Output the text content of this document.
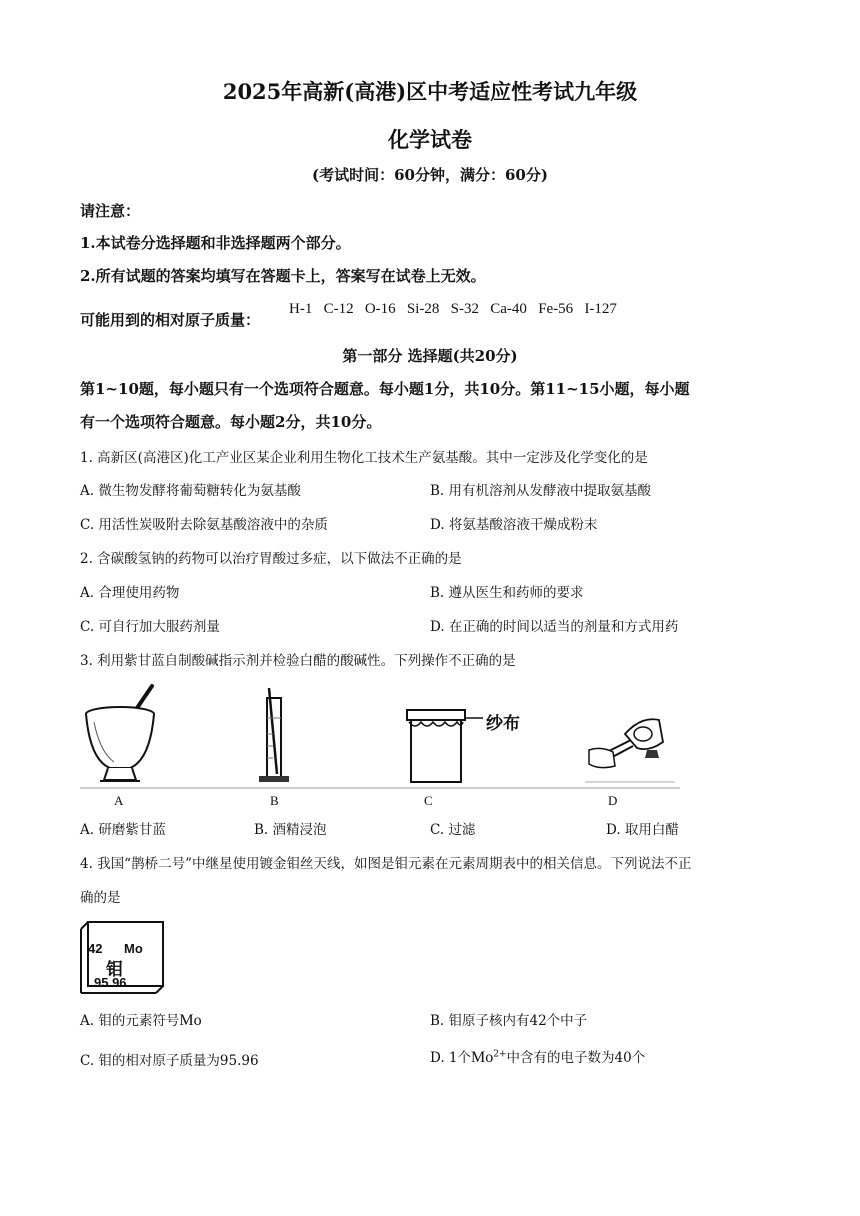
2025年高新(高港)区中考适应性考试九年级
化学试卷
(考试时间：60分钟，满分：60分)
请注意：
1.本试卷分选择题和非选择题两个部分。
2.所有试题的答案均填写在答题卡上，答案写在试卷上无效。
可能用到的相对原子质量：
H-1 C-12 O-16 Si-28 S-32 Ca-40 Fe-56 I-127
第一部分 选择题(共20分)
第1~10题，每小题只有一个选项符合题意。每小题1分，共10分。第11~15小题，每小题
有一个选项符合题意。每小题2分，共10分。
1. 高新区(高港区)化工产业区某企业利用生物化工技术生产氨基酸。其中一定涉及化学变化的是
A. 微生物发酵将葡萄糖转化为氨基酸	B. 用有机溶剂从发酵液中提取氨基酸
C. 用活性炭吸附去除氨基酸溶液中的杂质	D. 将氨基酸溶液干燥成粉末
2. 含碳酸氢钠的药物可以治疗胃酸过多症，以下做法不正确的是
A. 合理使用药物	B. 遵从医生和药师的要求
C. 可自行加大服药剂量	D. 在正确的时间以适当的剂量和方式用药
3. 利用紫甘蓝自制酸碱指示剂并检验白醋的酸碱性。下列操作不正确的是
纱布
A	B	C	D
A. 研磨紫甘蓝	B. 酒精浸泡	C. 过滤	D. 取用白醋
4. 我国“鹊桥二号”中继星使用镀金钼丝天线，如图是钼元素在元素周期表中的相关信息。下列说法不正
确的是
42 Mo
钼
95.96
A. 钼的元素符号Mo	B. 钼原子核内有42个中子
C. 钼的相对原子质量为95.96	D. 1个$Mo^{2+}$中含有的电子数为40个
